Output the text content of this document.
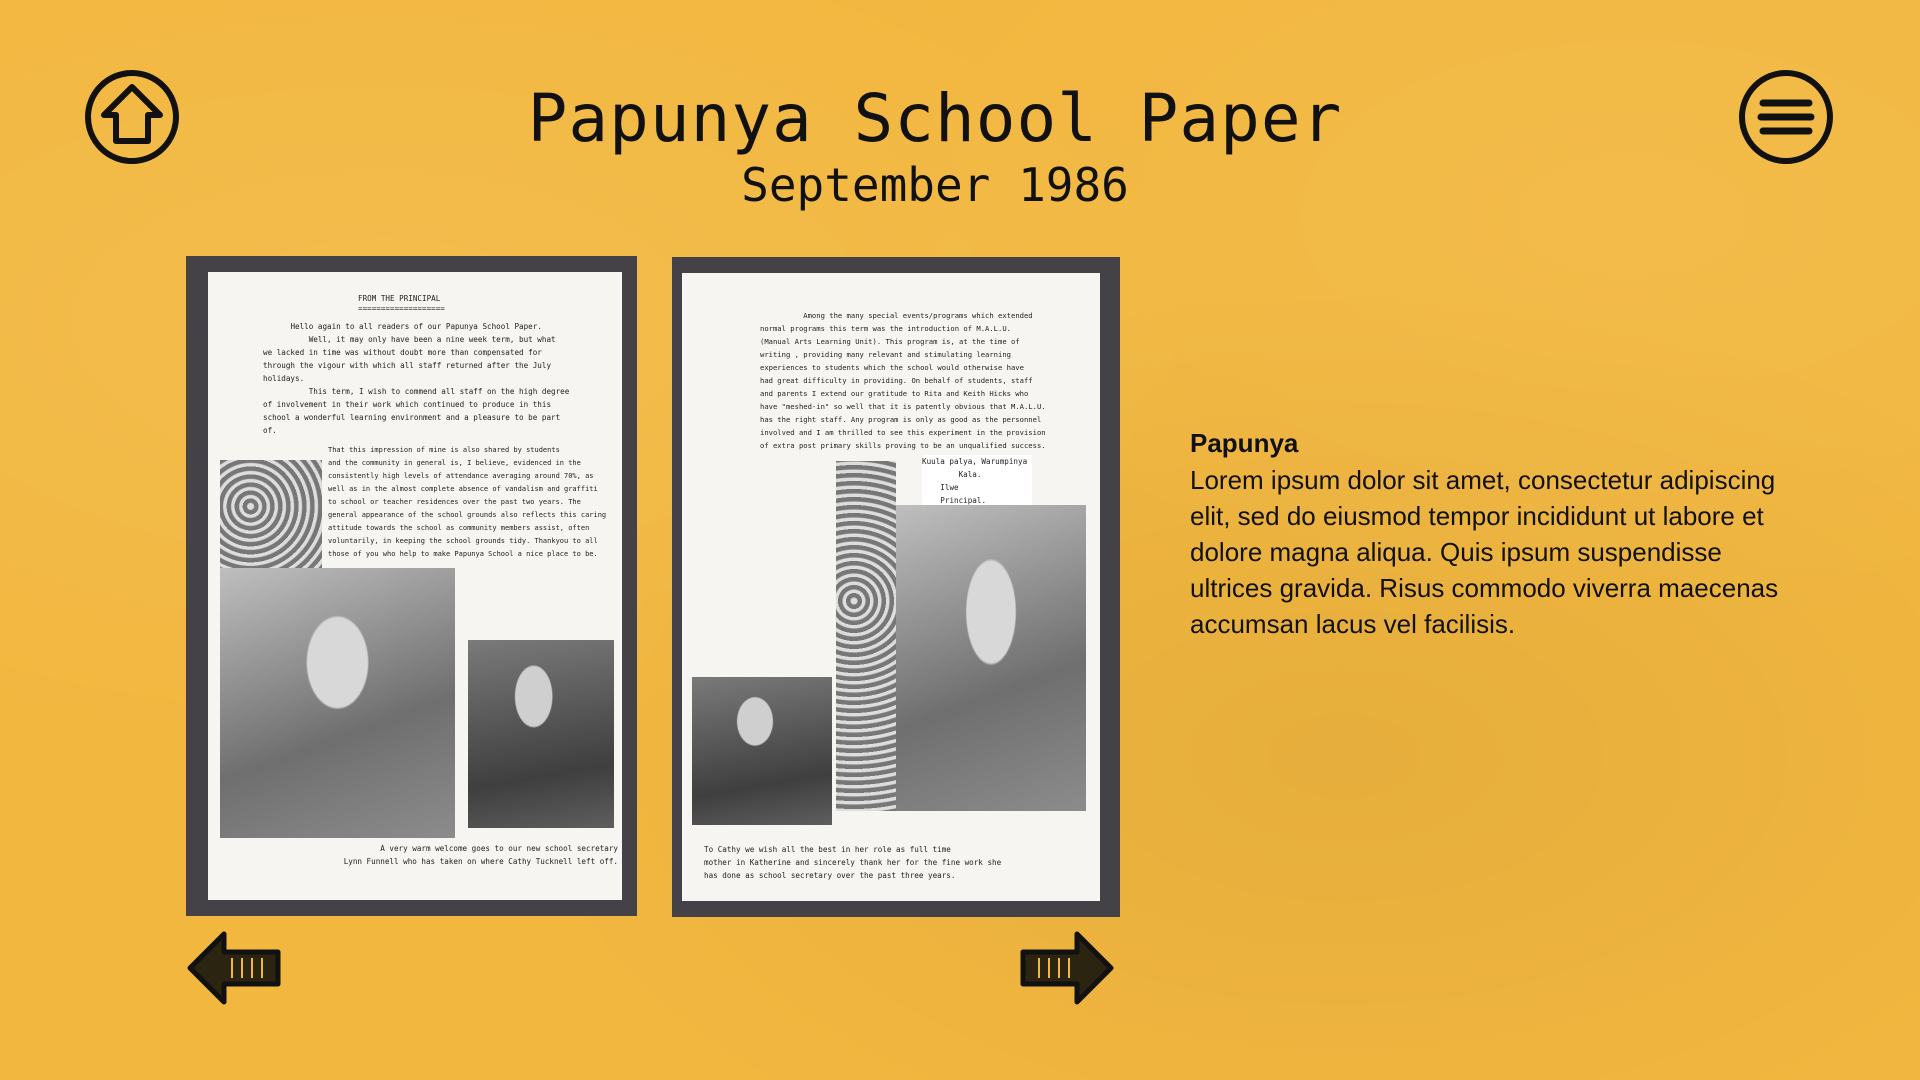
Papunya School Paper
September 1986
FROM THE PRINCIPAL
===================
Hello again to all readers of our Papunya School Paper.
Well, it may only have been a nine week term, but what
we lacked in time was without doubt more than compensated for
through the vigour with which all staff returned after the July
holidays.
This term, I wish to commend all staff on the high degree
of involvement in their work which continued to produce in this
school a wonderful learning environment and a pleasure to be part
of.
That this impression of mine is also shared by students
and the community in general is, I believe, evidenced in the
consistently high levels of attendance averaging around 70%, as
well as in the almost complete absence of vandalism and graffiti
to school or teacher residences over the past two years. The
general appearance of the school grounds also reflects this caring
attitude towards the school as community members assist, often
voluntarily, in keeping the school grounds tidy. Thankyou to all
those of you who help to make Papunya School a nice place to be.
A very warm welcome goes to our new school secretary
Lynn Funnell who has taken on where Cathy Tucknell left off.
Among the many special events/programs which extended
normal programs this term was the introduction of M.A.L.U.
(Manual Arts Learning Unit). This program is, at the time of
writing , providing many relevant and stimulating learning
experiences to students which the school would otherwise have
had great difficulty in providing. On behalf of students, staff
and parents I extend our gratitude to Rita and Keith Hicks who
have "meshed-in" so well that it is patently obvious that M.A.L.U.
has the right staff. Any program is only as good as the personnel
involved and I am thrilled to see this experiment in the provision
of extra post primary skills proving to be an unqualified success.
Kuula palya, Warumpinya
Kala.
Ilwe
Principal.
To Cathy we wish all the best in her role as full time
mother in Katherine and sincerely thank her for the fine work she
has done as school secretary over the past three years.
Papunya
Lorem ipsum dolor sit amet, consectetur adipiscing elit, sed do eiusmod tempor incididunt ut labore et dolore magna aliqua. Quis ipsum suspendisse ultrices gravida. Risus commodo viverra maecenas accumsan lacus vel facilisis.
